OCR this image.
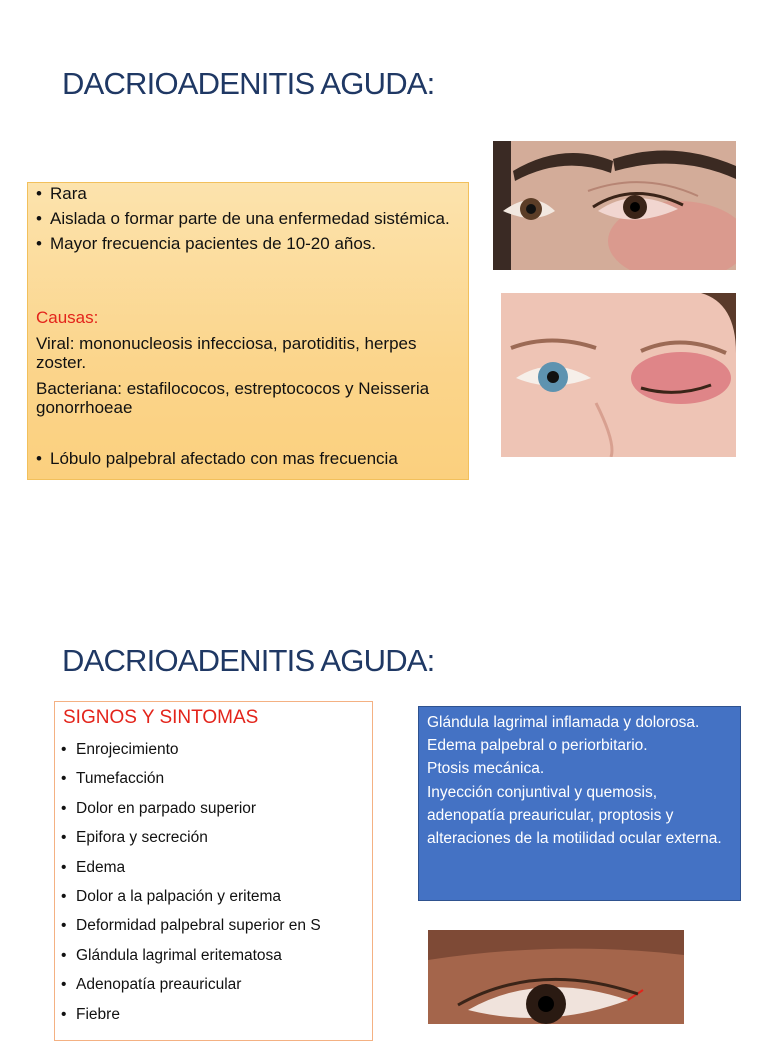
DACRIOADENITIS AGUDA:
• Rara
• Aislada o formar parte de una enfermedad sistémica.
• Mayor frecuencia pacientes de 10-20 años.
Causas:
Viral: mononucleosis infecciosa, parotiditis, herpes zoster.
Bacteriana: estafilococos, estreptococos y Neisseria gonorrhoeae
• Lóbulo palpebral afectado con mas frecuencia
DACRIOADENITIS AGUDA:
SIGNOS Y SINTOMAS
• Enrojecimiento
• Tumefacción
• Dolor en parpado superior
• Epifora y secreción
• Edema
• Dolor a la palpación y eritema
• Deformidad palpebral superior en S
• Glándula lagrimal eritematosa
• Adenopatía preauricular
• Fiebre
Glándula lagrimal inflamada y dolorosa.
Edema palpebral o periorbitario.
Ptosis mecánica.
Inyección conjuntival y quemosis, adenopatía preauricular, proptosis y alteraciones de la motilidad ocular externa.
